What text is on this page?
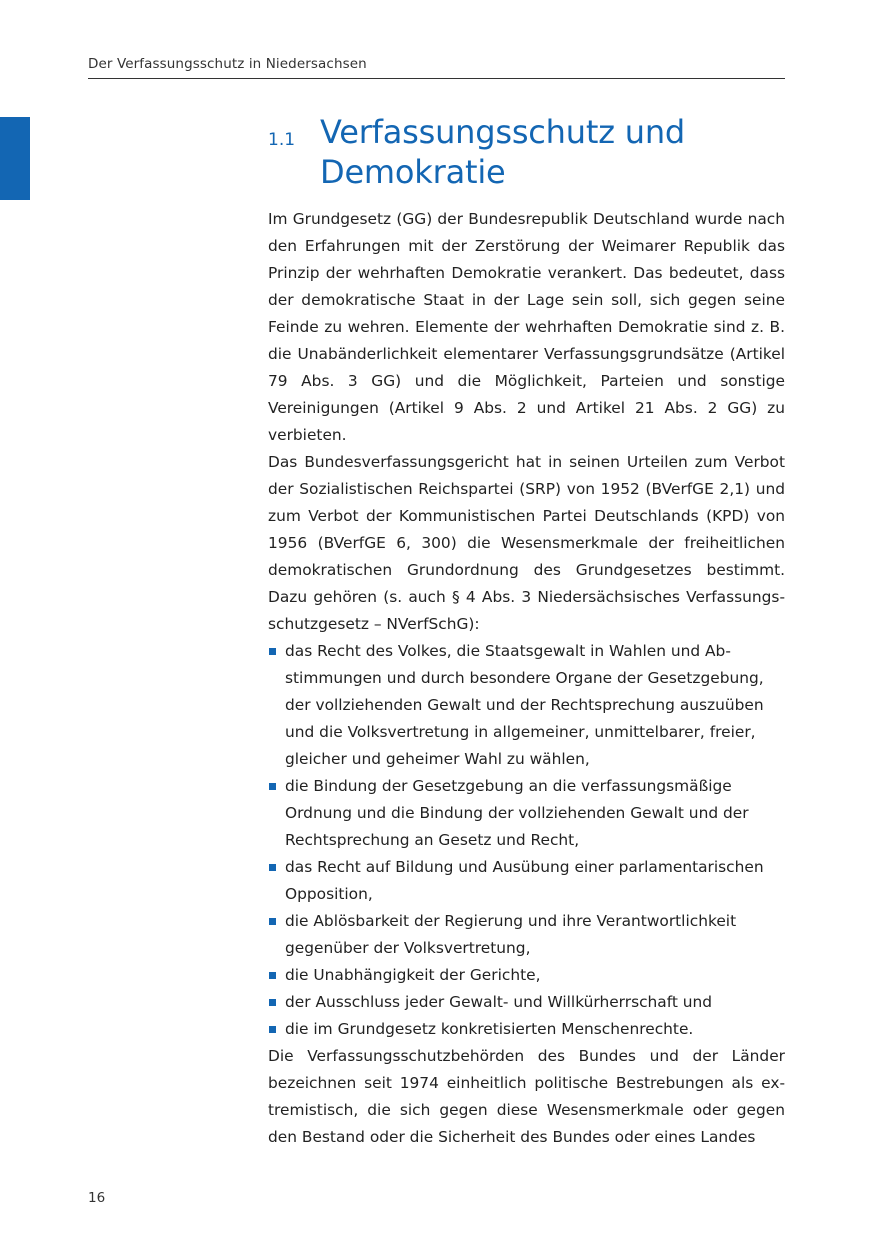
Der Verfassungsschutz in Niedersachsen
1.1 Verfassungsschutz und Demokratie

Im Grundgesetz (GG) der Bundesrepublik Deutschland wurde nach den Erfahrungen mit der Zerstörung der Weimarer Republik das Prinzip der wehrhaften Demokratie verankert. Das bedeutet, dass der demokratische Staat in der Lage sein soll, sich gegen seine Feinde zu wehren. Elemente der wehrhaften Demokratie sind z. B. die Unabänderlichkeit elementarer Verfassungsgrundsätze (Artikel 79 Abs. 3 GG) und die Möglichkeit, Parteien und sonstige Vereinigungen (Artikel 9 Abs. 2 und Artikel 21 Abs. 2 GG) zu verbieten.

Das Bundesverfassungsgericht hat in seinen Urteilen zum Verbot der Sozialistischen Reichspartei (SRP) von 1952 (BVerfGE 2,1) und zum Verbot der Kommunistischen Partei Deutschlands (KPD) von 1956 (BVerfGE 6, 300) die Wesensmerkmale der freiheitlichen demokratischen Grundordnung des Grundgesetzes bestimmt. Dazu gehören (s. auch § 4 Abs. 3 Niedersächsisches Verfassungsschutzgesetz – NVerfSchG):

das Recht des Volkes, die Staatsgewalt in Wahlen und Abstimmungen und durch besondere Organe der Gesetzgebung, der vollziehenden Gewalt und der Rechtsprechung auszuüben und die Volksvertretung in allgemeiner, unmittelbarer, freier, gleicher und geheimer Wahl zu wählen,
die Bindung der Gesetzgebung an die verfassungsmäßige Ordnung und die Bindung der vollziehenden Gewalt und der Rechtsprechung an Gesetz und Recht,
das Recht auf Bildung und Ausübung einer parlamentarischen Opposition,
die Ablösbarkeit der Regierung und ihre Verantwortlichkeit gegenüber der Volksvertretung,
die Unabhängigkeit der Gerichte,
der Ausschluss jeder Gewalt- und Willkürherrschaft und
die im Grundgesetz konkretisierten Menschenrechte.

Die Verfassungsschutzbehörden des Bundes und der Länder bezeichnen seit 1974 einheitlich politische Bestrebungen als extremistisch, die sich gegen diese Wesensmerkmale oder gegen den Bestand oder die Sicherheit des Bundes oder eines Landes

16
